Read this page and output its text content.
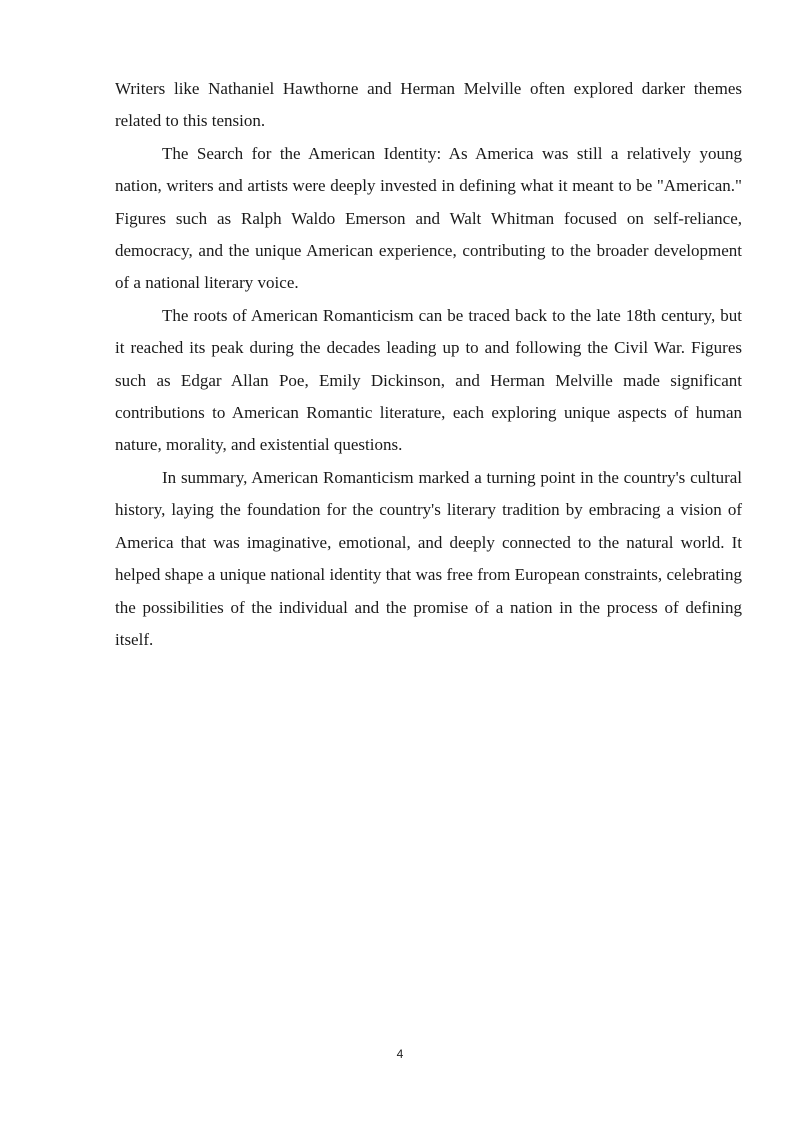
Writers like Nathaniel Hawthorne and Herman Melville often explored darker themes related to this tension.

The Search for the American Identity: As America was still a relatively young nation, writers and artists were deeply invested in defining what it meant to be "American." Figures such as Ralph Waldo Emerson and Walt Whitman focused on self-reliance, democracy, and the unique American experience, contributing to the broader development of a national literary voice.

The roots of American Romanticism can be traced back to the late 18th century, but it reached its peak during the decades leading up to and following the Civil War. Figures such as Edgar Allan Poe, Emily Dickinson, and Herman Melville made significant contributions to American Romantic literature, each exploring unique aspects of human nature, morality, and existential questions.

In summary, American Romanticism marked a turning point in the country's cultural history, laying the foundation for the country's literary tradition by embracing a vision of America that was imaginative, emotional, and deeply connected to the natural world. It helped shape a unique national identity that was free from European constraints, celebrating the possibilities of the individual and the promise of a nation in the process of defining itself.

4
